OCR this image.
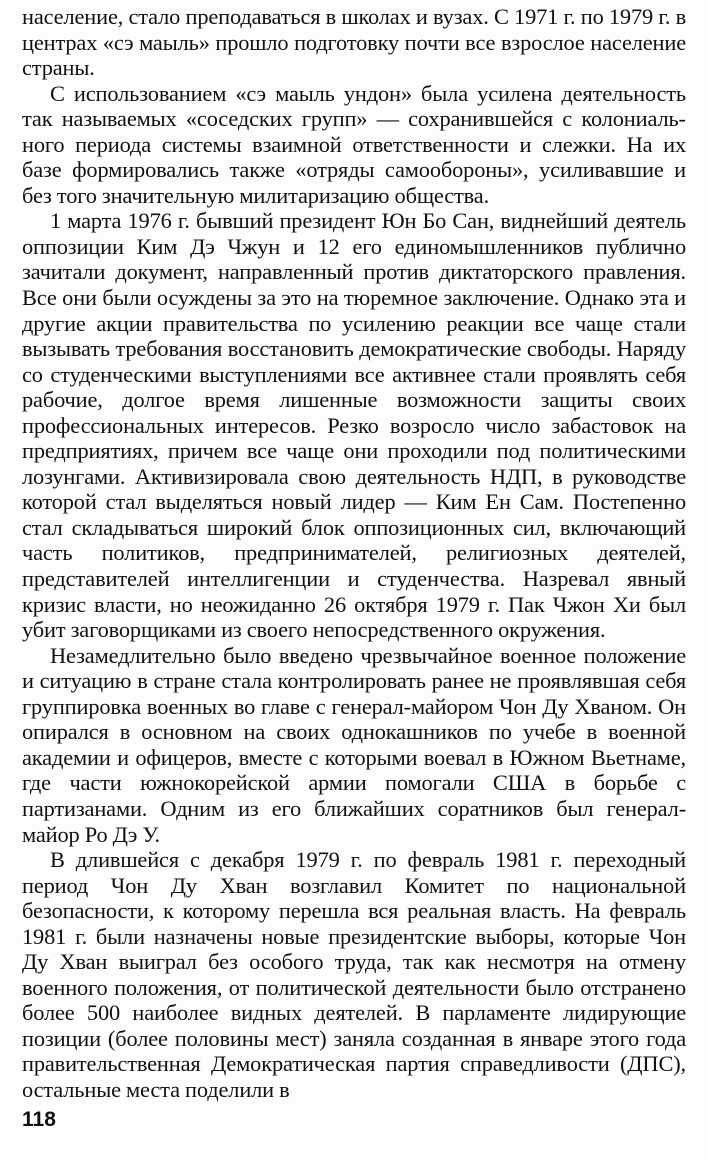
население, стало преподаваться в школах и вузах. С 1971 г. по 1979 г. в центрах «сэ маыль» прошло подготовку почти все взрослое население страны.

С использованием «сэ маыль ундон» была усилена деятельность так называемых «соседских групп» — сохранившейся с колониального периода системы взаимной ответственности и слежки. На их базе формировались также «отряды самообороны», усиливавшие и без того значительную милитаризацию общества.

1 марта 1976 г. бывший президент Юн Бо Сан, виднейший деятель оппозиции Ким Дэ Чжун и 12 его единомышленников публично зачитали документ, направленный против диктаторского правления. Все они были осуждены за это на тюремное заключение. Однако эта и другие акции правительства по усилению реакции все чаще стали вызывать требования восстановить демократические свободы. Наряду со студенческими выступлениями все активнее стали проявлять себя рабочие, долгое время лишенные возможности защиты своих профессиональных интересов. Резко возросло число забастовок на предприятиях, причем все чаще они проходили под политическими лозунгами. Активизировала свою деятельность НДП, в руководстве которой стал выделяться новый лидер — Ким Ен Сам. Постепенно стал складываться широкий блок оппозиционных сил, включающий часть политиков, предпринимателей, религиозных деятелей, представителей интеллигенции и студенчества. Назревал явный кризис власти, но неожиданно 26 октября 1979 г. Пак Чжон Хи был убит заговорщиками из своего непосредственного окружения.

Незамедлительно было введено чрезвычайное военное положение и ситуацию в стране стала контролировать ранее не проявлявшая себя группировка военных во главе с генерал-майором Чон Ду Хваном. Он опирался в основном на своих однокашников по учебе в военной академии и офицеров, вместе с которыми воевал в Южном Вьетнаме, где части южнокорейской армии помогали США в борьбе с партизанами. Одним из его ближайших соратников был генерал-майор Ро Дэ У.

В длившейся с декабря 1979 г. по февраль 1981 г. переходный период Чон Ду Хван возглавил Комитет по национальной безопасности, к которому перешла вся реальная власть. На февраль 1981 г. были назначены новые президентские выборы, которые Чон Ду Хван выиграл без особого труда, так как несмотря на отмену военного положения, от политической деятельности было отстранено более 500 наиболее видных деятелей. В парламенте лидирующие позиции (более половины мест) заняла созданная в январе этого года правительственная Демократическая партия справедливости (ДПС), остальные места поделили в

118
